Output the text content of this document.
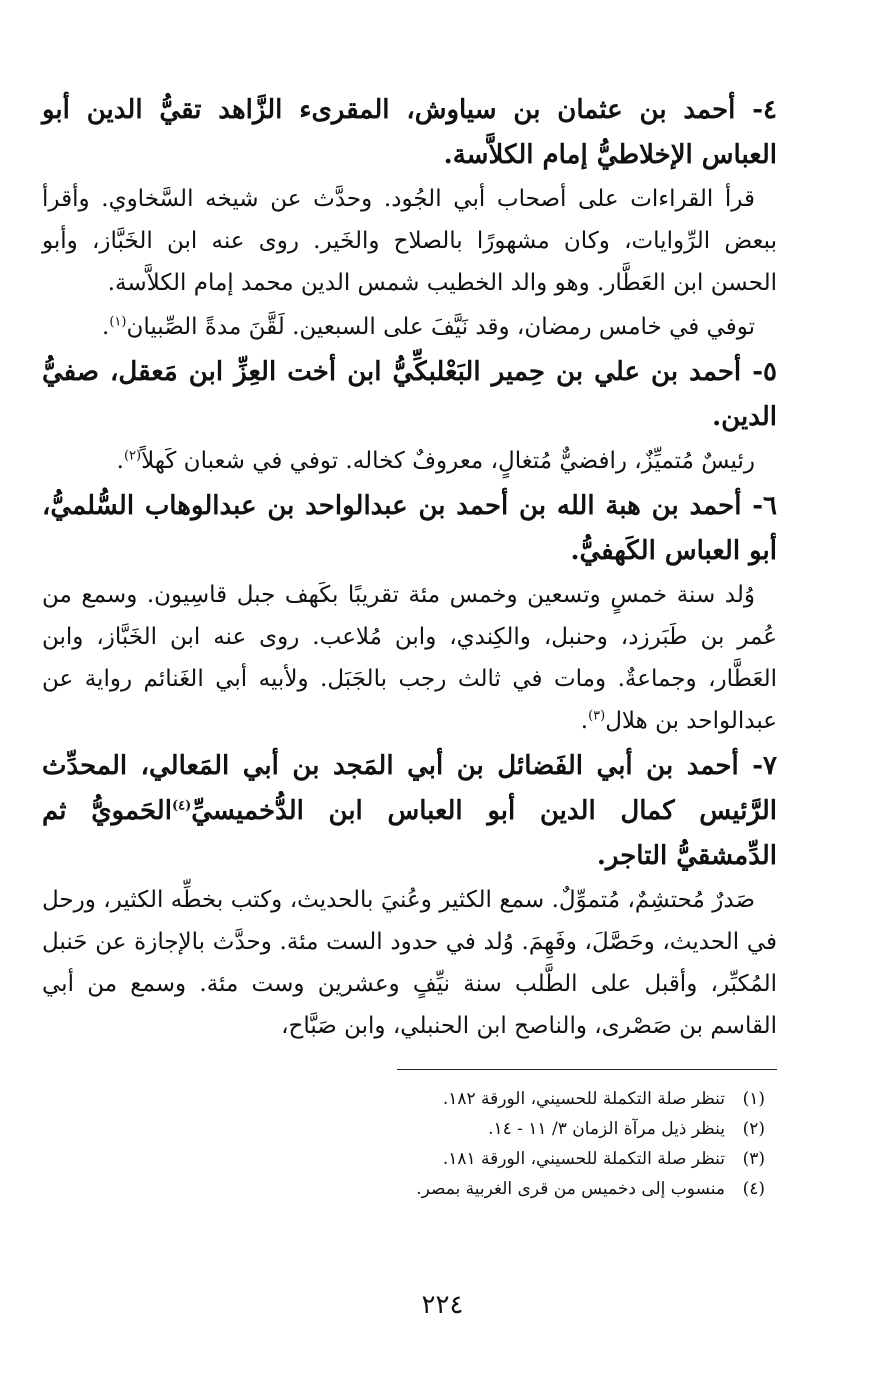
٤- أحمد بن عثمان بن سياوش، المقرىء الزَّاهد تقيُّ الدين أبو العباس الإخلاطيُّ إمام الكلاَّسة.

قرأ القراءات على أصحاب أبي الجُود. وحدَّث عن شيخه السَّخاوي. وأقرأ ببعض الرِّوايات، وكان مشهورًا بالصلاح والخَير. روى عنه ابن الخَبَّاز، وأبو الحسن ابن العَطَّار. وهو والد الخطيب شمس الدين محمد إمام الكلاَّسة.

توفي في خامس رمضان، وقد نَيَّفَ على السبعين. لَقَّنَ مدةً الصِّبيان$^{(١)}$.

٥- أحمد بن علي بن حِمير البَعْلبكِّيُّ ابن أخت العِزِّ ابن مَعقل، صفيُّ الدين.

رئيسٌ مُتميِّزٌ، رافضيٌّ مُتغالٍ، معروفٌ كخاله. توفي في شعبان كَهلاً$^{(٢)}$.

٦- أحمد بن هبة الله بن أحمد بن عبدالواحد بن عبدالوهاب السُّلميُّ، أبو العباس الكَهفيُّ.

وُلد سنة خمسٍ وتسعين وخمس مئة تقريبًا بكَهف جبل قاسِيون. وسمع من عُمر بن طَبَرزد، وحنبل، والكِندي، وابن مُلاعب. روى عنه ابن الخَبَّاز، وابن العَطَّار، وجماعةٌ. ومات في ثالث رجب بالجَبَل. ولأبيه أبي الغَنائم رواية عن عبدالواحد بن هلال$^{(٣)}$.

٧- أحمد بن أبي الفَضائل بن أبي المَجد بن أبي المَعالي، المحدِّث الرَّئيس كمال الدين أبو العباس ابن الدُّخميسيِّ$^{(٤)}$الحَمويُّ ثم الدِّمشقيُّ التاجر.

صَدرٌ مُحتشِمٌ، مُتموِّلٌ. سمع الكثير وعُنيَ بالحديث، وكتب بخطِّه الكثير، ورحل في الحديث، وحَصَّلَ، وفَهِمَ. وُلد في حدود الست مئة. وحدَّث بالإجازة عن حَنبل المُكبِّر، وأقبل على الطَّلب سنة نيِّفٍ وعشرين وست مئة. وسمع من أبي القاسم بن صَصْرى، والناصح ابن الحنبلي، وابن صَبَّاح،

(١)تنظر صلة التكملة للحسيني، الورقة ١٨٢.

(٢)ينظر ذيل مرآة الزمان ٣/ ١١ - ١٤.

(٣)تنظر صلة التكملة للحسيني، الورقة ١٨١.

(٤)منسوب إلى دخميس من قرى الغربية بمصر.

٢٢٤
